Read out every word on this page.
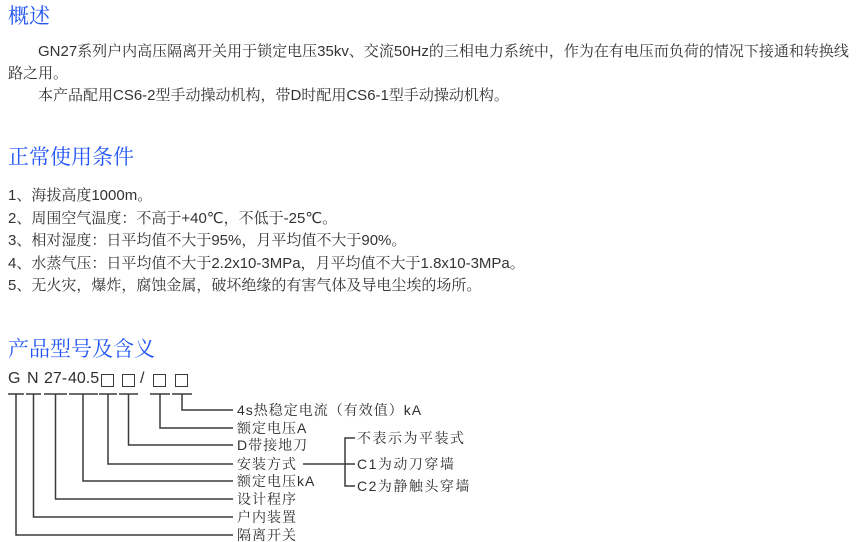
概述

GN27系列户内高压隔离开关用于锁定电压35kv、交流50Hz的三相电力系统中，作为在有电压而负荷的情况下接通和转换线路之用。

本产品配用CS6-2型手动操动机构，带D时配用CS6-1型手动操动机构。

正常使用条件
1、海拔高度1000m。
2、周围空气温度：不高于+40℃，不低于-25℃。
3、相对湿度：日平均值不大于95%，月平均值不大于90%。
4、水蒸气压：日平均值不大于2.2x10-3MPa，月平均值不大于1.8x10-3MPa。
5、无火灾，爆炸，腐蚀金属，破坏绝缘的有害气体及导电尘埃的场所。
产品型号及含义
G N 27- 40.5	/
4s热稳定电流（有效值）kA
额定电压A
D带接地刀
安装方式
额定电压kA
设计程序
户内装置
隔离开关
不表示为平装式
C1为动刀穿墙
C2为静触头穿墙
